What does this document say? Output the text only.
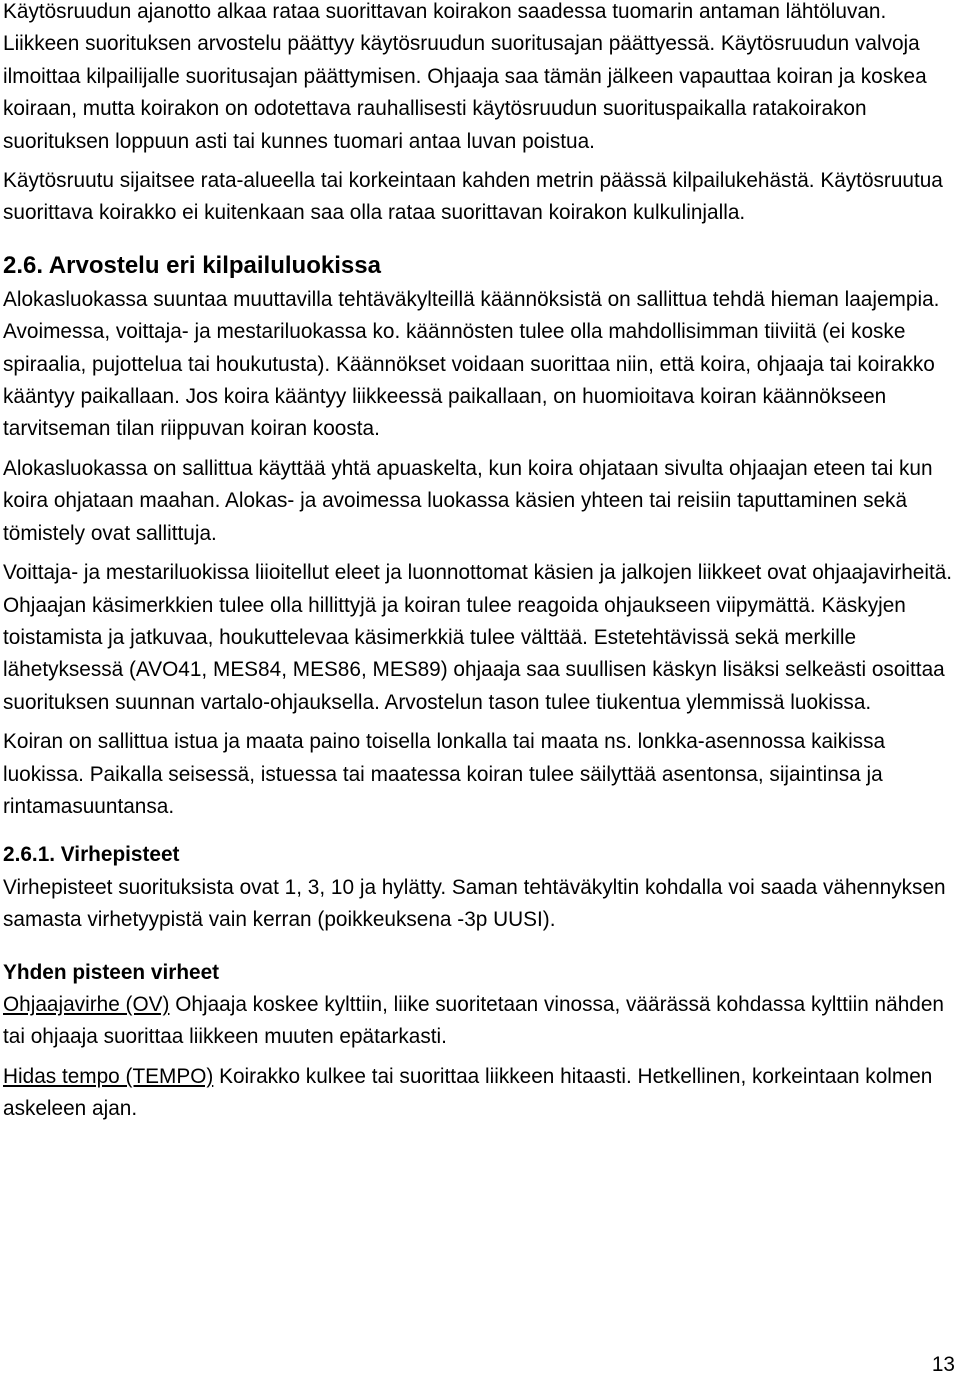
Käytösruudun ajanotto alkaa rataa suorittavan koirakon saadessa tuomarin antaman lähtöluvan. Liikkeen suorituksen arvostelu päättyy käytösruudun suoritusajan päättyessä. Käytösruudun valvoja ilmoittaa kilpailijalle suoritusajan päättymisen. Ohjaaja saa tämän jälkeen vapauttaa koiran ja koskea koiraan, mutta koirakon on odotettava rauhallisesti käytösruudun suorituspaikalla ratakoirakon suorituksen loppuun asti tai kunnes tuomari antaa luvan poistua.

Käytösruutu sijaitsee rata-alueella tai korkeintaan kahden metrin päässä kilpailukehästä. Käytösruutua suorittava koirakko ei kuitenkaan saa olla rataa suorittavan koirakon kulkulinjalla.

2.6. Arvostelu eri kilpailuluokissa

Alokasluokassa suuntaa muuttavilla tehtäväkylteillä käännöksistä on sallittua tehdä hieman laajempia. Avoimessa, voittaja- ja mestariluokassa ko. käännösten tulee olla mahdollisimman tiiviitä (ei koske spiraalia, pujottelua tai houkutusta). Käännökset voidaan suorittaa niin, että koira, ohjaaja tai koirakko kääntyy paikallaan. Jos koira kääntyy liikkeessä paikallaan, on huomioitava koiran käännökseen tarvitseman tilan riippuvan koiran koosta.

Alokasluokassa on sallittua käyttää yhtä apuaskelta, kun koira ohjataan sivulta ohjaajan eteen tai kun koira ohjataan maahan. Alokas- ja avoimessa luokassa käsien yhteen tai reisiin taputtaminen sekä tömistely ovat sallittuja.

Voittaja- ja mestariluokissa liioitellut eleet ja luonnottomat käsien ja jalkojen liikkeet ovat ohjaajavirheitä. Ohjaajan käsimerkkien tulee olla hillittyjä ja koiran tulee reagoida ohjaukseen viipymättä. Käskyjen toistamista ja jatkuvaa, houkuttelevaa käsimerkkiä tulee välttää. Estetehtävissä sekä merkille lähetyksessä (AVO41, MES84, MES86, MES89) ohjaaja saa suullisen käskyn lisäksi selkeästi osoittaa suorituksen suunnan vartalo-ohjauksella. Arvostelun tason tulee tiukentua ylemmissä luokissa.

Koiran on sallittua istua ja maata paino toisella lonkalla tai maata ns. lonkka-asennossa kaikissa luokissa. Paikalla seisessä, istuessa tai maatessa koiran tulee säilyttää asentonsa, sijaintinsa ja rintamasuuntansa.

2.6.1. Virhepisteet

Virhepisteet suorituksista ovat 1, 3, 10 ja hylätty. Saman tehtäväkyltin kohdalla voi saada vähennyksen samasta virhetyypistä vain kerran (poikkeuksena -3p UUSI).

Yhden pisteen virheet

Ohjaajavirhe (OV) Ohjaaja koskee kylttiin, liike suoritetaan vinossa, väärässä kohdassa kylttiin nähden tai ohjaaja suorittaa liikkeen muuten epätarkasti.

Hidas tempo (TEMPO) Koirakko kulkee tai suorittaa liikkeen hitaasti. Hetkellinen, korkeintaan kolmen askeleen ajan.

13
